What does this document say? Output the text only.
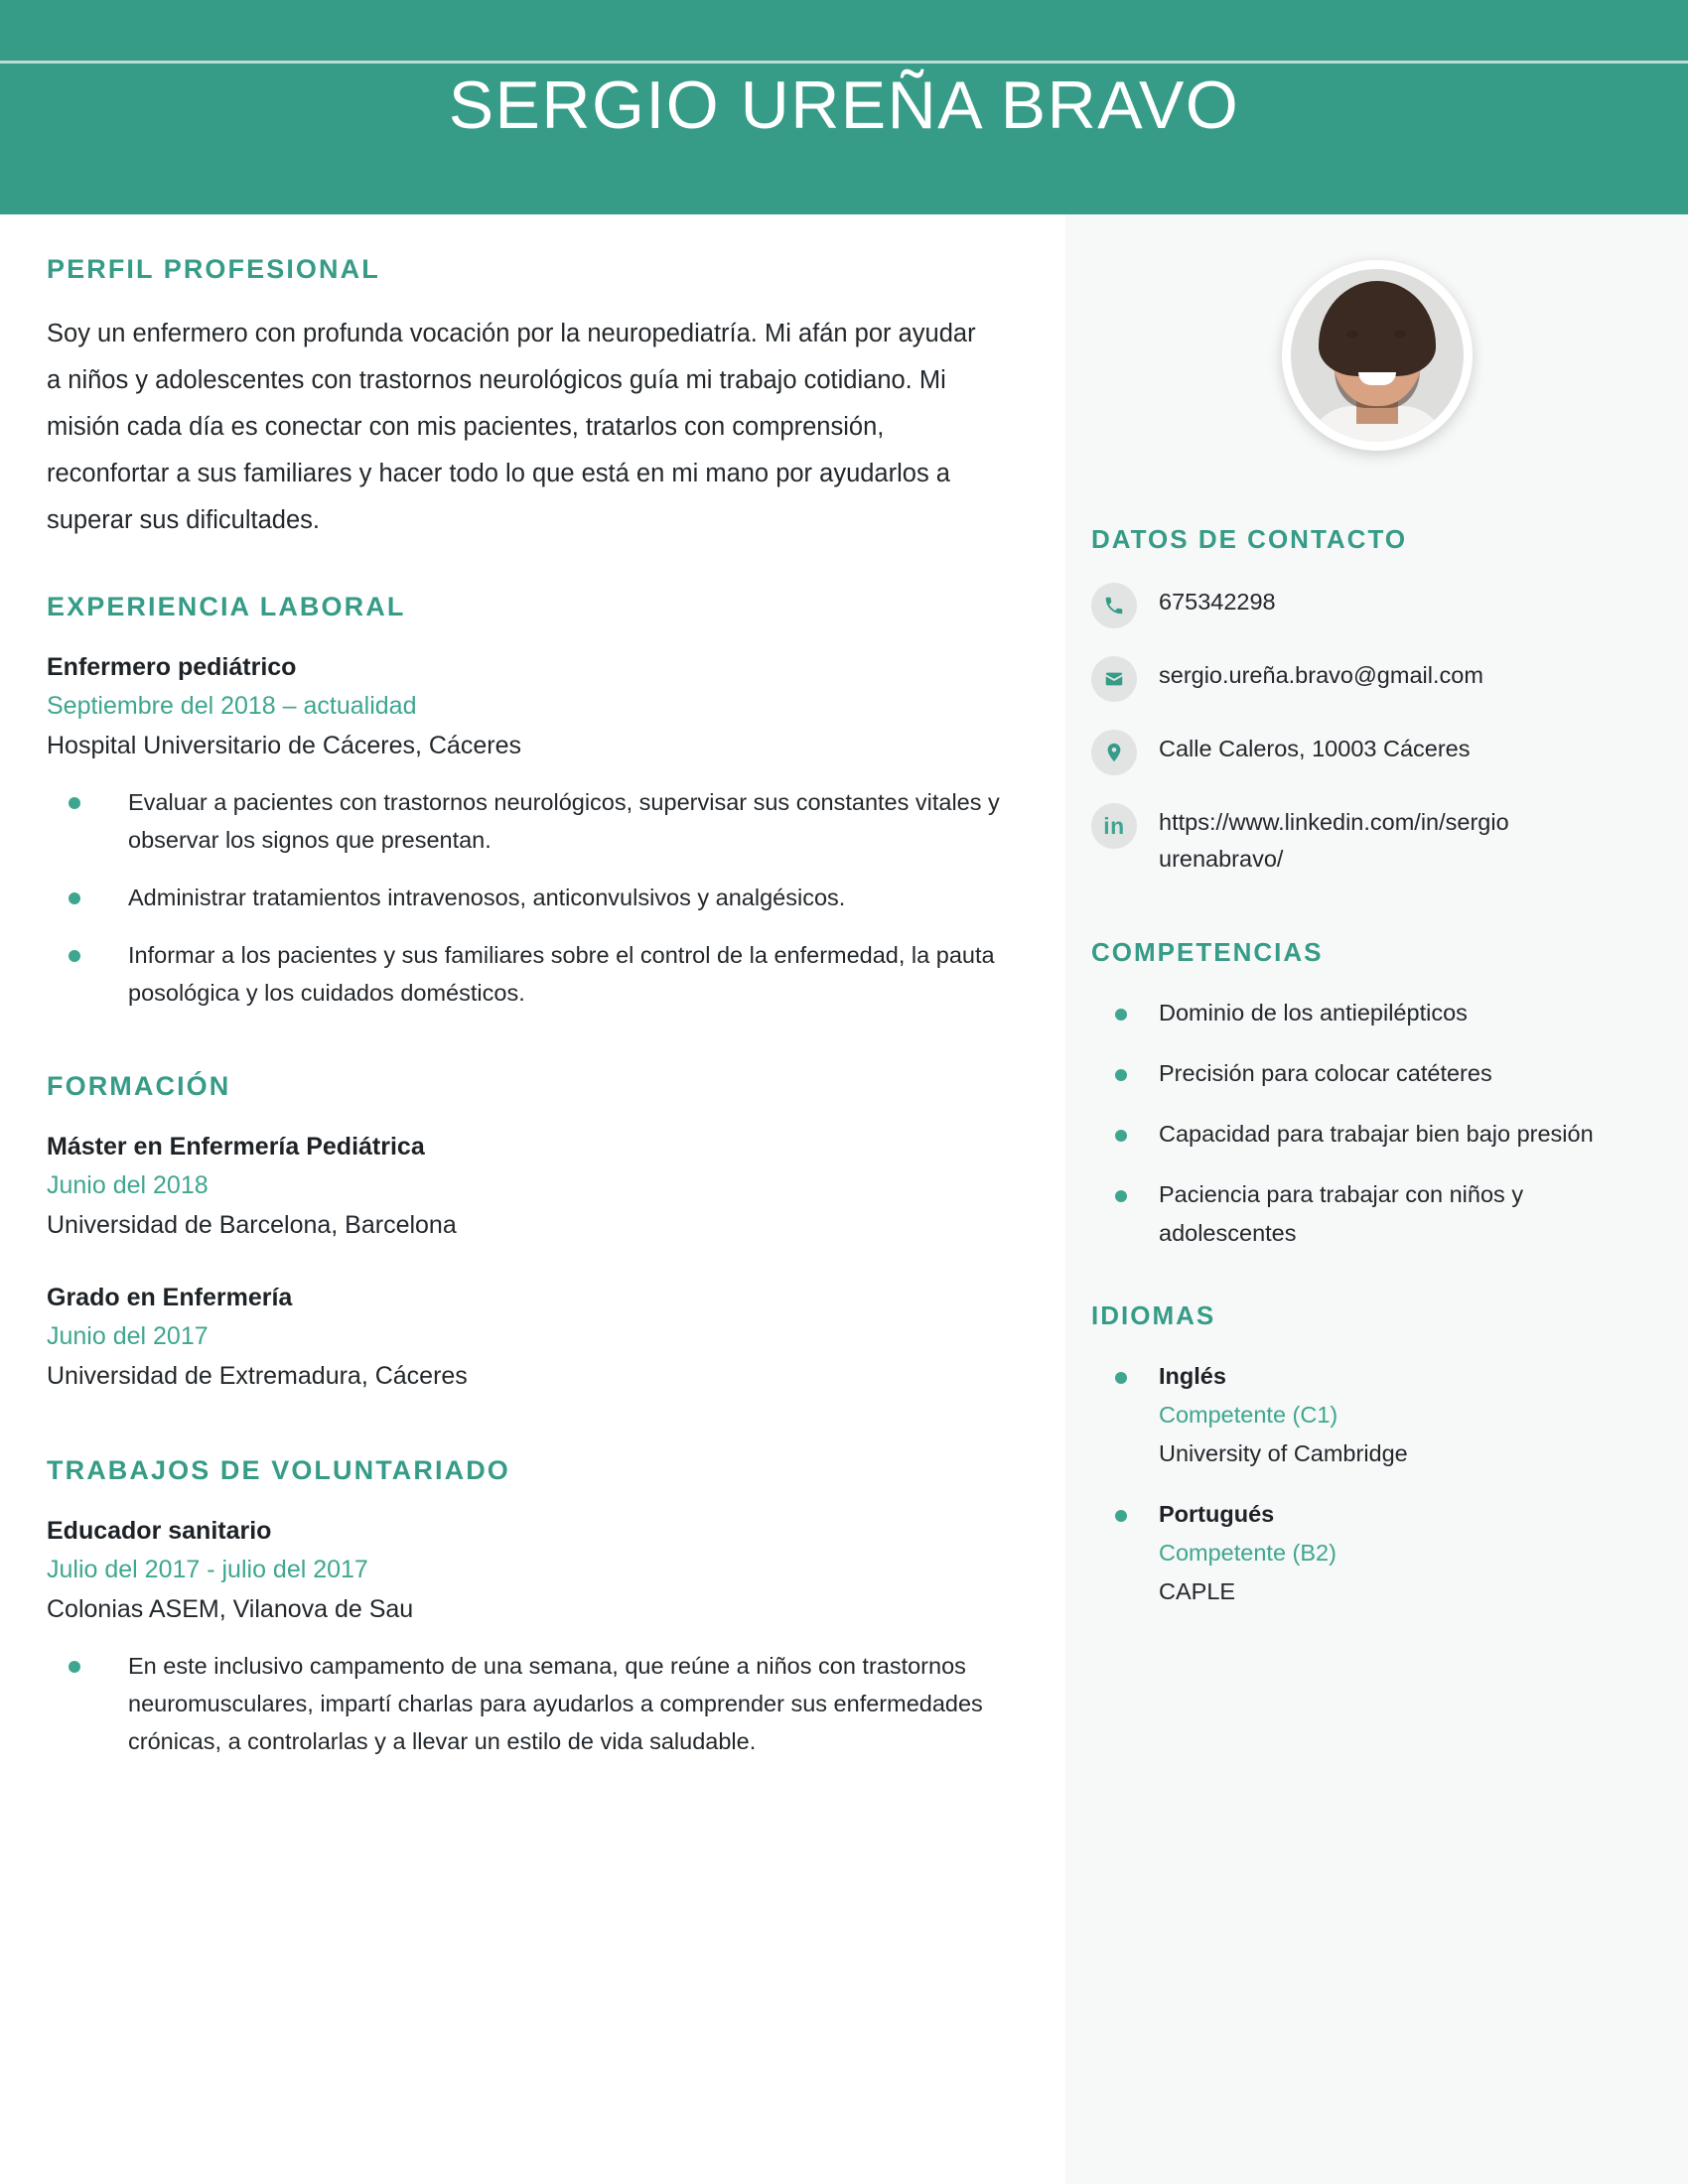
SERGIO UREÑA BRAVO
PERFIL PROFESIONAL

Soy un enfermero con profunda vocación por la neuropediatría. Mi afán por ayudar a niños y adolescentes con trastornos neurológicos guía mi trabajo cotidiano. Mi misión cada día es conectar con mis pacientes, tratarlos con comprensión, reconfortar a sus familiares y hacer todo lo que está en mi mano por ayudarlos a superar sus dificultades.

EXPERIENCIA LABORAL
Enfermero pediátrico
Septiembre del 2018 – actualidad
Hospital Universitario de Cáceres, Cáceres
Evaluar a pacientes con trastornos neurológicos, supervisar sus constantes vitales y observar los signos que presentan.
Administrar tratamientos intravenosos, anticonvulsivos y analgésicos.
Informar a los pacientes y sus familiares sobre el control de la enfermedad, la pauta posológica y los cuidados domésticos.
FORMACIÓN
Máster en Enfermería Pediátrica
Junio del 2018
Universidad de Barcelona, Barcelona
Grado en Enfermería
Junio del 2017
Universidad de Extremadura, Cáceres
TRABAJOS DE VOLUNTARIADO
Educador sanitario
Julio del 2017 - julio del 2017
Colonias ASEM, Vilanova de Sau
En este inclusivo campamento de una semana, que reúne a niños con trastornos neuromusculares, impartí charlas para ayudarlos a comprender sus enfermedades crónicas, a controlarlas y a llevar un estilo de vida saludable.
DATOS DE CONTACTO
675342298
sergio.ureña.bravo@gmail.com
Calle Caleros, 10003 Cáceres
in https://www.linkedin.com/in/sergio urenabravo/
COMPETENCIAS
Dominio de los antiepilépticos
Precisión para colocar catéteres
Capacidad para trabajar bien bajo presión
Paciencia para trabajar con niños y adolescentes
IDIOMAS
Inglés
Competente (C1)
University of Cambridge
Portugués
Competente (B2)
CAPLE
